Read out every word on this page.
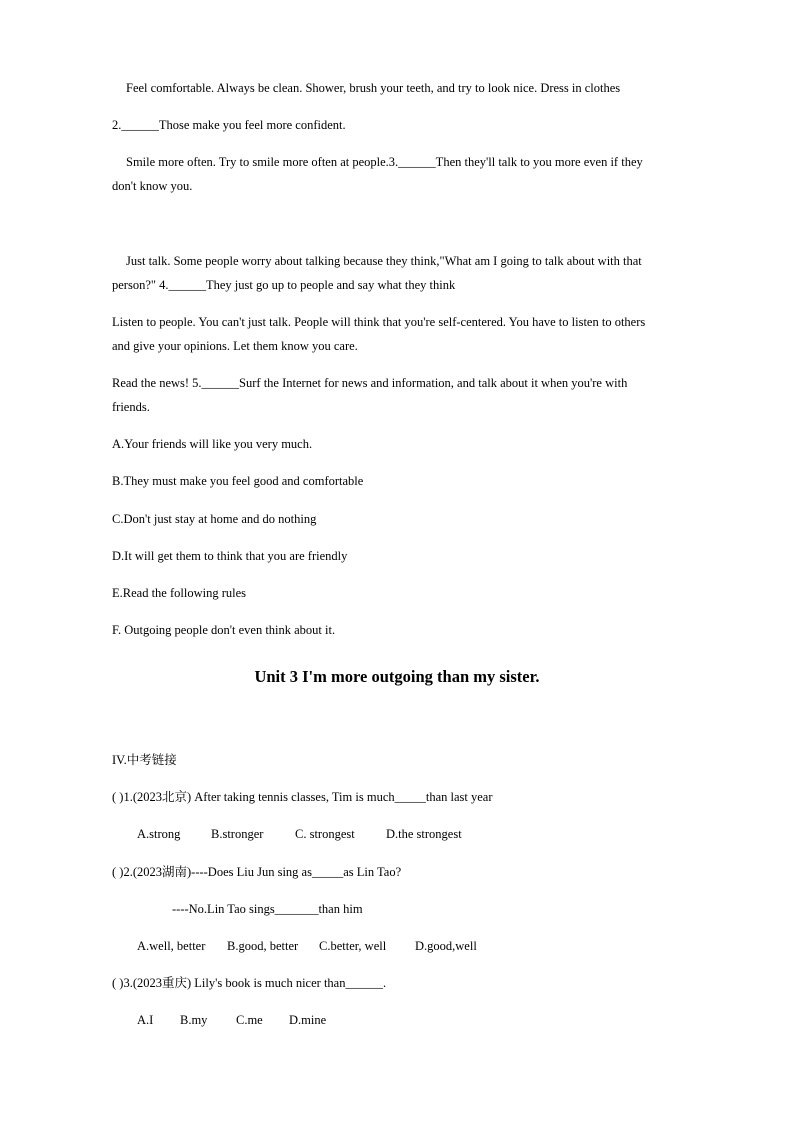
Feel comfortable. Always be clean. Shower, brush your teeth, and try to look nice. Dress in clothes
2.______Those make you feel more confident.
Smile more often. Try to smile more often at people.3.______Then they'll talk to you more even if they
don't know you.
Just talk. Some people worry about talking because they think,"What am I going to talk about with that
person?" 4.______They just go up to people and say what they think
Listen to people. You can't just talk. People will think that you're self-centered. You have to listen to others
and give your opinions. Let them know you care.
Read the news! 5.______Surf the Internet for news and information, and talk about it when you're with
friends.
A.Your friends will like you very much.
B.They must make you feel good and comfortable
C.Don't just stay at home and do nothing
D.It will get them to think that you are friendly
E.Read the following rules
F. Outgoing people don't even think about it.
Unit 3 I'm more outgoing than my sister.
IV.中考链接
( )1.(2023北京) After taking tennis classes, Tim is much_____than last year
A.strong B.stronger	C. strongest	D.the strongest
( )2.(2023湖南)----Does Liu Jun sing as_____as Lin Tao?
----No.Lin Tao sings_______than him
A.well, better B.good, better C.better, well D.good,well
( )3.(2023重庆) Lily's book is much nicer than______.
A.I B.my C.me D.mine
